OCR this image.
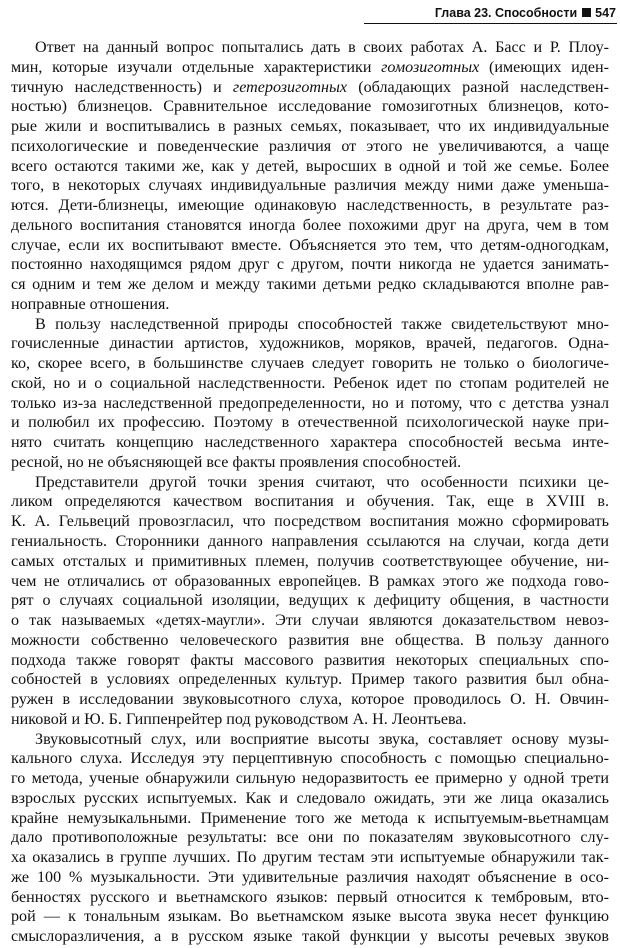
Глава 23. Способности 547
Ответ на данный вопрос попытались дать в своих работах А. Басс и Р. Плоу-
мин, которые изучали отдельные характеристики гомозиготных (имеющих иден-
тичную наследственность) и гетерозиготных (обладающих разной наследствен-
ностью) близнецов. Сравнительное исследование гомозиготных близнецов, кото-
рые жили и воспитывались в разных семьях, показывает, что их индивидуальные
психологические и поведенческие различия от этого не увеличиваются, а чаще
всего остаются такими же, как у детей, выросших в одной и той же семье. Более
того, в некоторых случаях индивидуальные различия между ними даже уменьша-
ются. Дети-близнецы, имеющие одинаковую наследственность, в результате раз-
дельного воспитания становятся иногда более похожими друг на друга, чем в том
случае, если их воспитывают вместе. Объясняется это тем, что детям-одногодкам,
постоянно находящимся рядом друг с другом, почти никогда не удается занимать-
ся одним и тем же делом и между такими детьми редко складываются вполне рав-
ноправные отношения.
В пользу наследственной природы способностей также свидетельствуют мно-
гочисленные династии артистов, художников, моряков, врачей, педагогов. Одна-
ко, скорее всего, в большинстве случаев следует говорить не только о биологиче-
ской, но и о социальной наследственности. Ребенок идет по стопам родителей не
только из-за наследственной предопределенности, но и потому, что с детства узнал
и полюбил их профессию. Поэтому в отечественной психологической науке при-
нято считать концепцию наследственного характера способностей весьма инте-
ресной, но не объясняющей все факты проявления способностей.
Представители другой точки зрения считают, что особенности психики це-
ликом определяются качеством воспитания и обучения. Так, еще в XVIII в.
К. А. Гельвеций провозгласил, что посредством воспитания можно сформировать
гениальность. Сторонники данного направления ссылаются на случаи, когда дети
самых отсталых и примитивных племен, получив соответствующее обучение, ни-
чем не отличались от образованных европейцев. В рамках этого же подхода гово-
рят о случаях социальной изоляции, ведущих к дефициту общения, в частности
о так называемых «детях-маугли». Эти случаи являются доказательством невоз-
можности собственно человеческого развития вне общества. В пользу данного
подхода также говорят факты массового развития некоторых специальных спо-
собностей в условиях определенных культур. Пример такого развития был обна-
ружен в исследовании звуковысотного слуха, которое проводилось О. Н. Овчин-
никовой и Ю. Б. Гиппенрейтер под руководством А. Н. Леонтьева.
Звуковысотный слух, или восприятие высоты звука, составляет основу музы-
кального слуха. Исследуя эту перцептивную способность с помощью специально-
го метода, ученые обнаружили сильную недоразвитость ее примерно у одной трети
взрослых русских испытуемых. Как и следовало ожидать, эти же лица оказались
крайне немузыкальными. Применение того же метода к испытуемым-вьетнамцам
дало противоположные результаты: все они по показателям звуковысотного слу-
ха оказались в группе лучших. По другим тестам эти испытуемые обнаружили так-
же 100 % музыкальности. Эти удивительные различия находят объяснение в осо-
бенностях русского и вьетнамского языков: первый относится к тембровым, вто-
рой — к тональным языкам. Во вьетнамском языке высота звука несет функцию
смыслоразличения, а в русском языке такой функции у высоты речевых звуков
